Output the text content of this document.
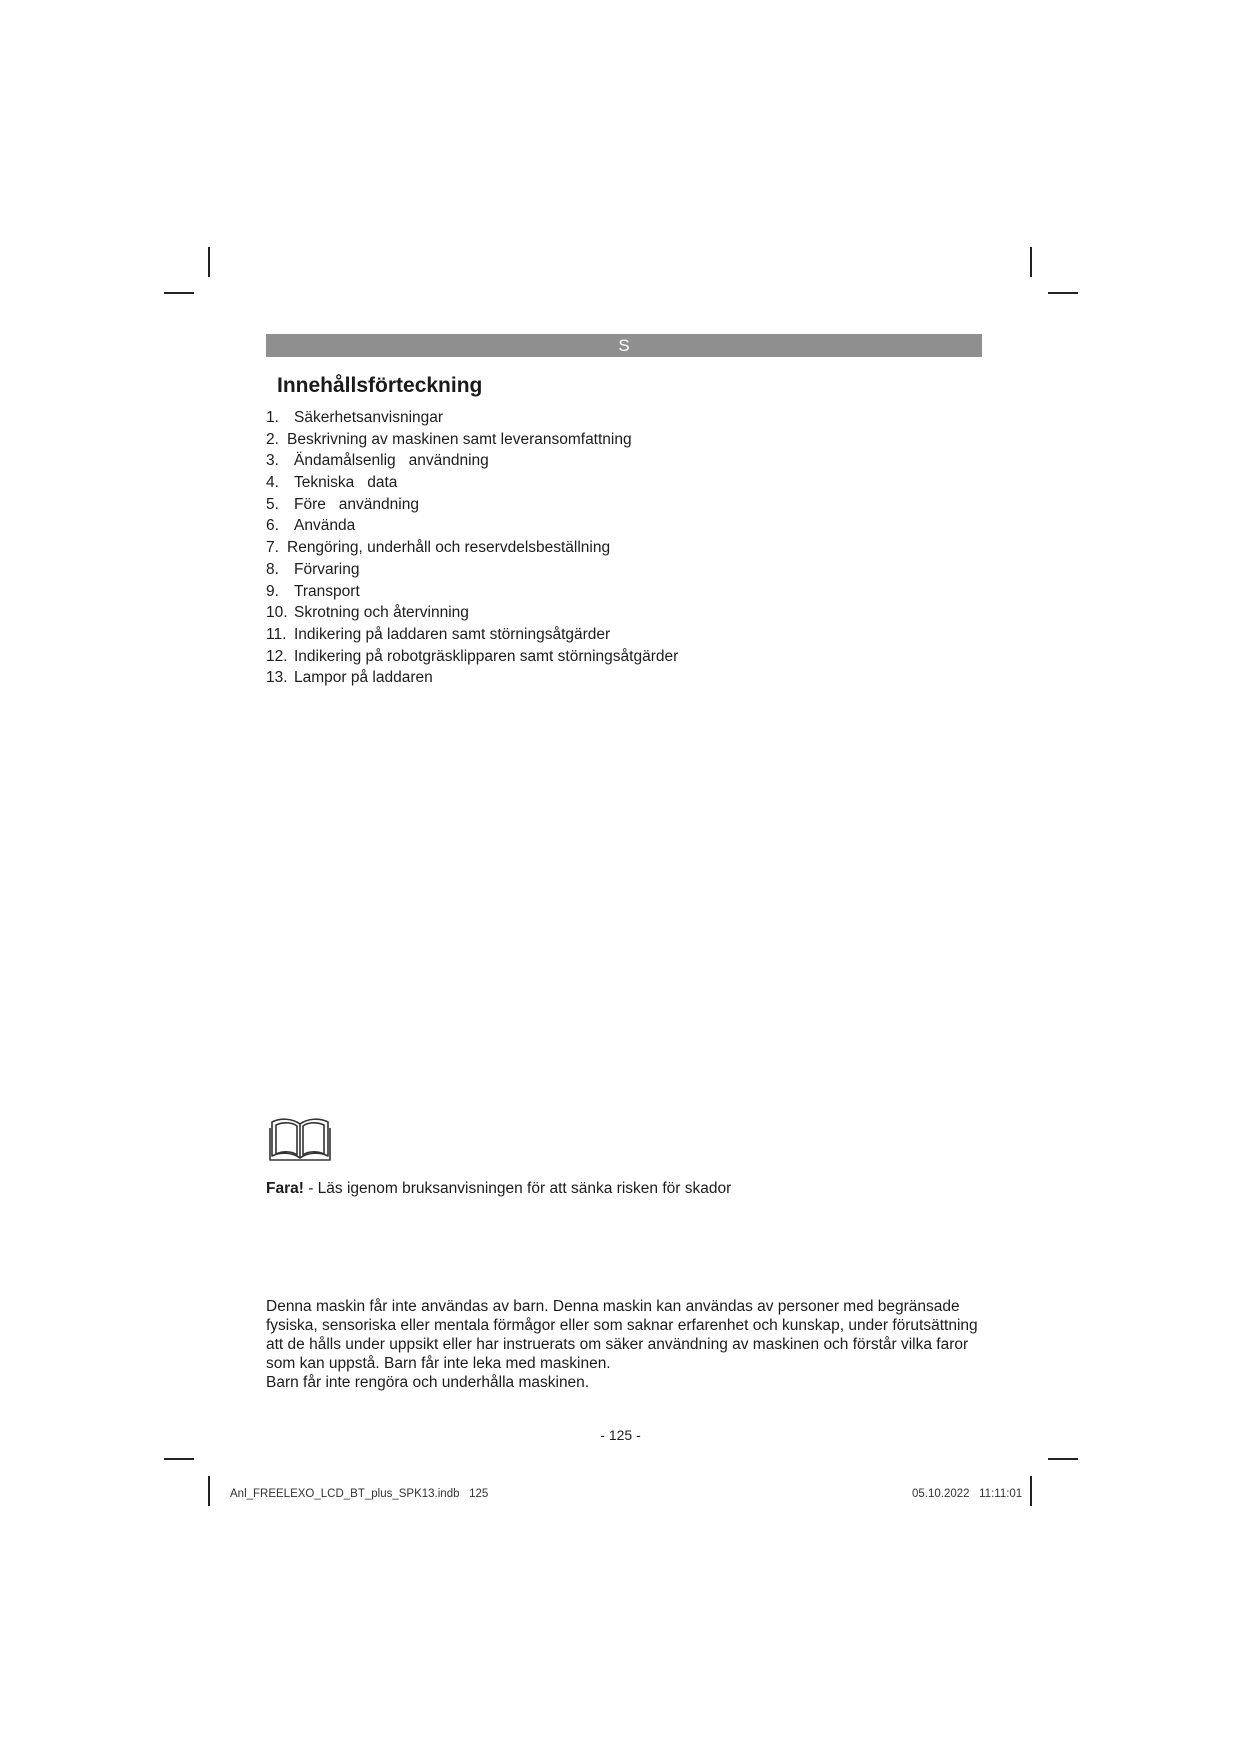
S
Innehållsförteckning
1. Säkerhetsanvisningar
2. Beskrivning av maskinen samt leveransomfattning
3. Ändamålsenlig   användning
4. Tekniska   data
5. Före   användning
6. Använda
7. Rengöring, underhåll och reservdelsbeställning
8. Förvaring
9. Transport
10. Skrotning och återvinning
11. Indikering på laddaren samt störningsåtgärder
12. Indikering på robotgräsklipparen samt störningsåtgärder
13. Lampor på laddaren

Fara! - Läs igenom bruksanvisningen för att sänka risken för skador

Denna maskin får inte användas av barn. Denna maskin kan användas av personer med begränsade
fysiska, sensoriska eller mentala förmågor eller som saknar erfarenhet och kunskap, under förutsättning
att de hålls under uppsikt eller har instruerats om säker användning av maskinen och förstår vilka faror
som kan uppstå. Barn får inte leka med maskinen.
Barn får inte rengöra och underhålla maskinen.

- 125 -
Anl_FREELEXO_LCD_BT_plus_SPK13.indb   125	05.10.2022   11:11:01
